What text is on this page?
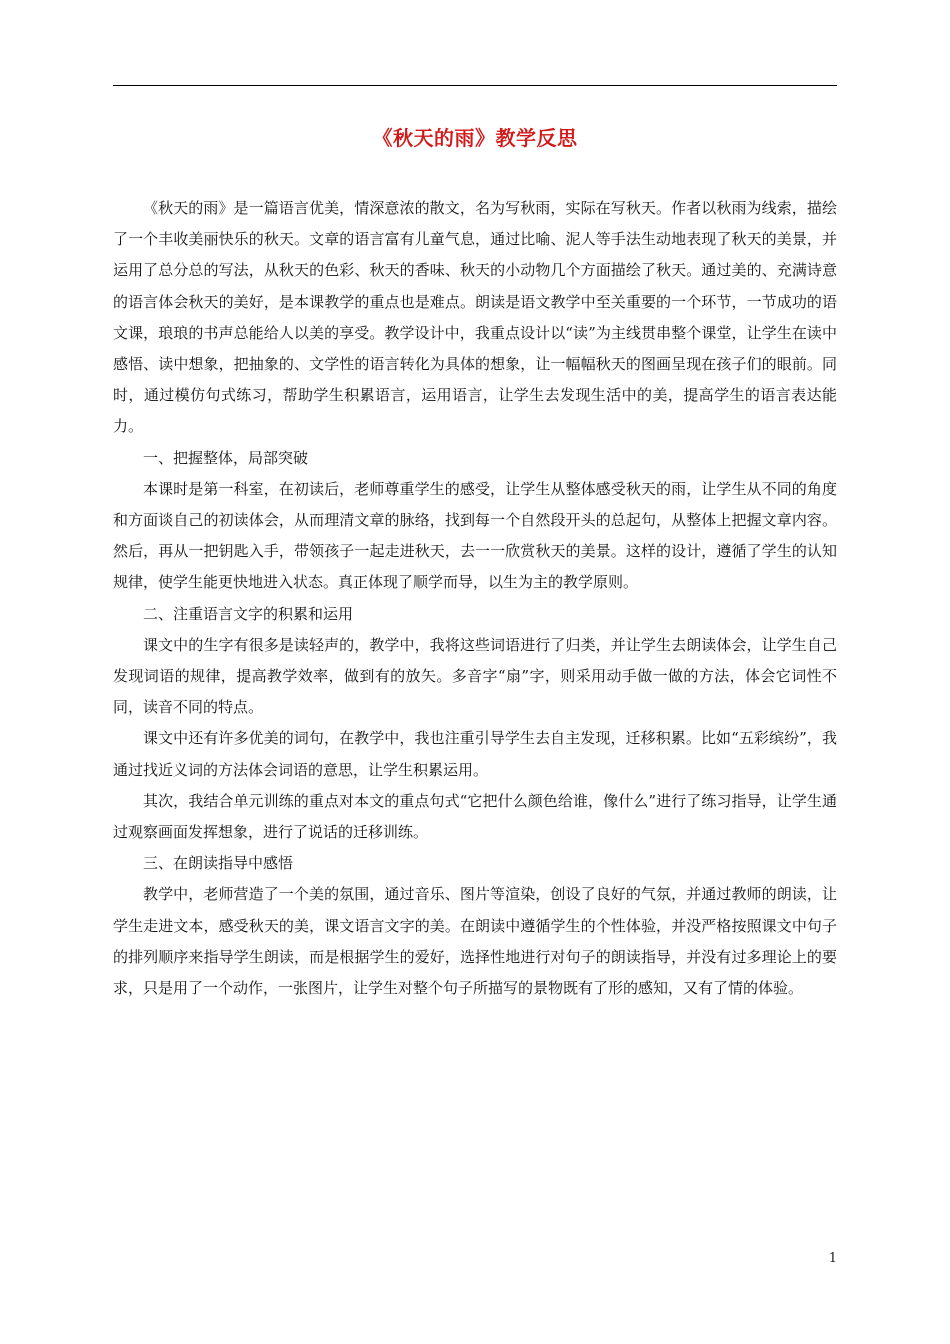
《秋天的雨》教学反思

《秋天的雨》是一篇语言优美，情深意浓的散文，名为写秋雨，实际在写秋天。作者以秋雨为线索，描绘了一个丰收美丽快乐的秋天。文章的语言富有儿童气息，通过比喻、泥人等手法生动地表现了秋天的美景，并运用了总分总的写法，从秋天的色彩、秋天的香味、秋天的小动物几个方面描绘了秋天。通过美的、充满诗意的语言体会秋天的美好，是本课教学的重点也是难点。朗读是语文教学中至关重要的一个环节，一节成功的语文课，琅琅的书声总能给人以美的享受。教学设计中，我重点设计以“读”为主线贯串整个课堂，让学生在读中感悟、读中想象，把抽象的、文学性的语言转化为具体的想象，让一幅幅秋天的图画呈现在孩子们的眼前。同时，通过模仿句式练习，帮助学生积累语言，运用语言，让学生去发现生活中的美，提高学生的语言表达能力。

一、把握整体，局部突破

本课时是第一科室，在初读后，老师尊重学生的感受，让学生从整体感受秋天的雨，让学生从不同的角度和方面谈自己的初读体会，从而理清文章的脉络，找到每一个自然段开头的总起句，从整体上把握文章内容。然后，再从一把钥匙入手，带领孩子一起走进秋天，去一一欣赏秋天的美景。这样的设计，遵循了学生的认知规律，使学生能更快地进入状态。真正体现了顺学而导，以生为主的教学原则。

二、注重语言文字的积累和运用

课文中的生字有很多是读轻声的，教学中，我将这些词语进行了归类，并让学生去朗读体会，让学生自己发现词语的规律，提高教学效率，做到有的放矢。多音字“扇”字，则采用动手做一做的方法，体会它词性不同，读音不同的特点。

课文中还有许多优美的词句，在教学中，我也注重引导学生去自主发现，迁移积累。比如“五彩缤纷”，我通过找近义词的方法体会词语的意思，让学生积累运用。

其次，我结合单元训练的重点对本文的重点句式“它把什么颜色给谁，像什么”进行了练习指导，让学生通过观察画面发挥想象，进行了说话的迁移训练。

三、在朗读指导中感悟

教学中，老师营造了一个美的氛围，通过音乐、图片等渲染，创设了良好的气氛，并通过教师的朗读，让学生走进文本，感受秋天的美，课文语言文字的美。在朗读中遵循学生的个性体验，并没严格按照课文中句子的排列顺序来指导学生朗读，而是根据学生的爱好，选择性地进行对句子的朗读指导，并没有过多理论上的要求，只是用了一个动作，一张图片，让学生对整个句子所描写的景物既有了形的感知，又有了情的体验。

1
